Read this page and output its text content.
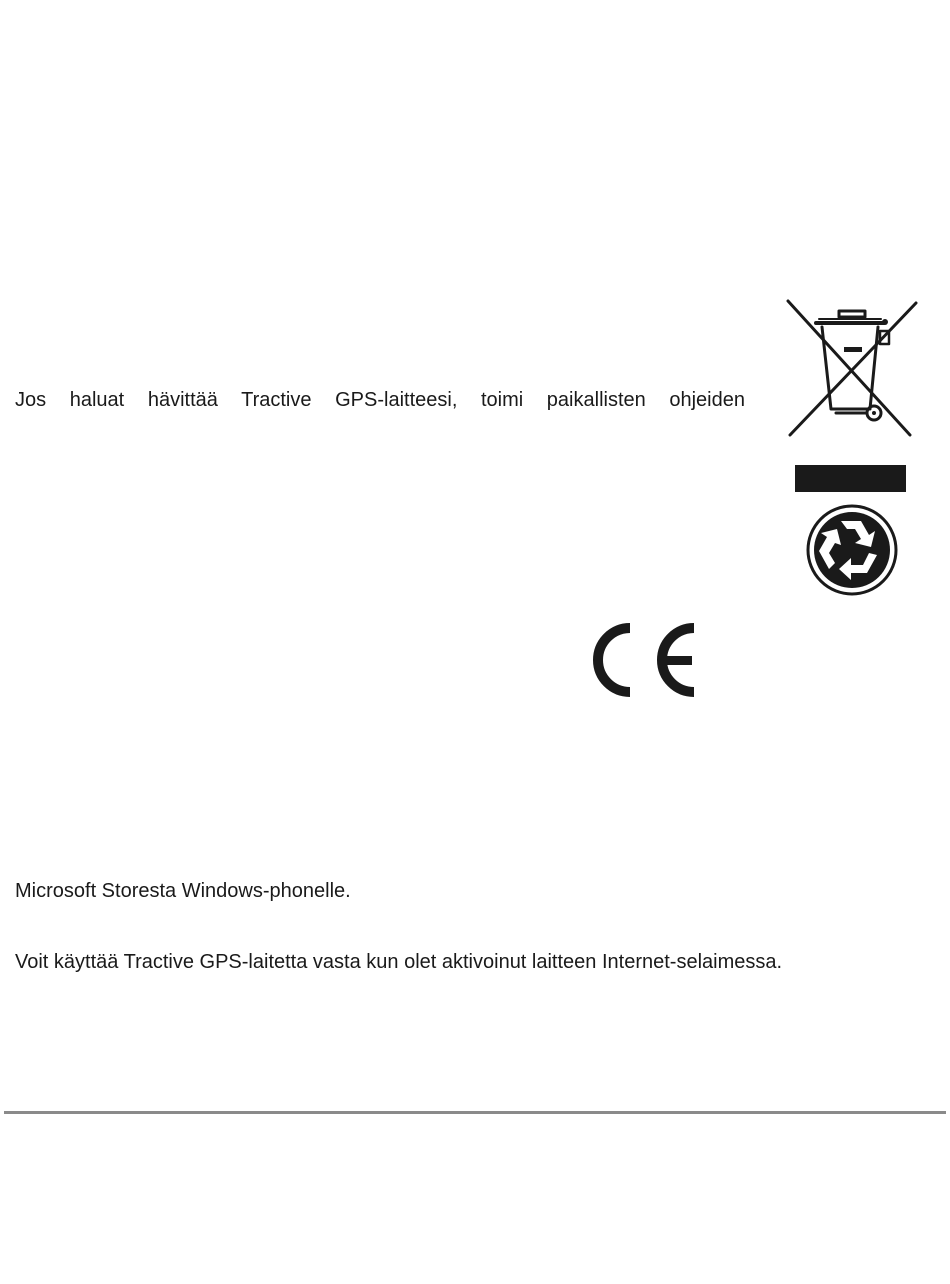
Jos haluat hävittää Tractive GPS-laitteesi, toimi paikallisten ohjeiden
Microsoft Storesta Windows-phonelle.
Voit käyttää Tractive GPS-laitetta vasta kun olet aktivoinut laitteen Internet-selaimessa.
